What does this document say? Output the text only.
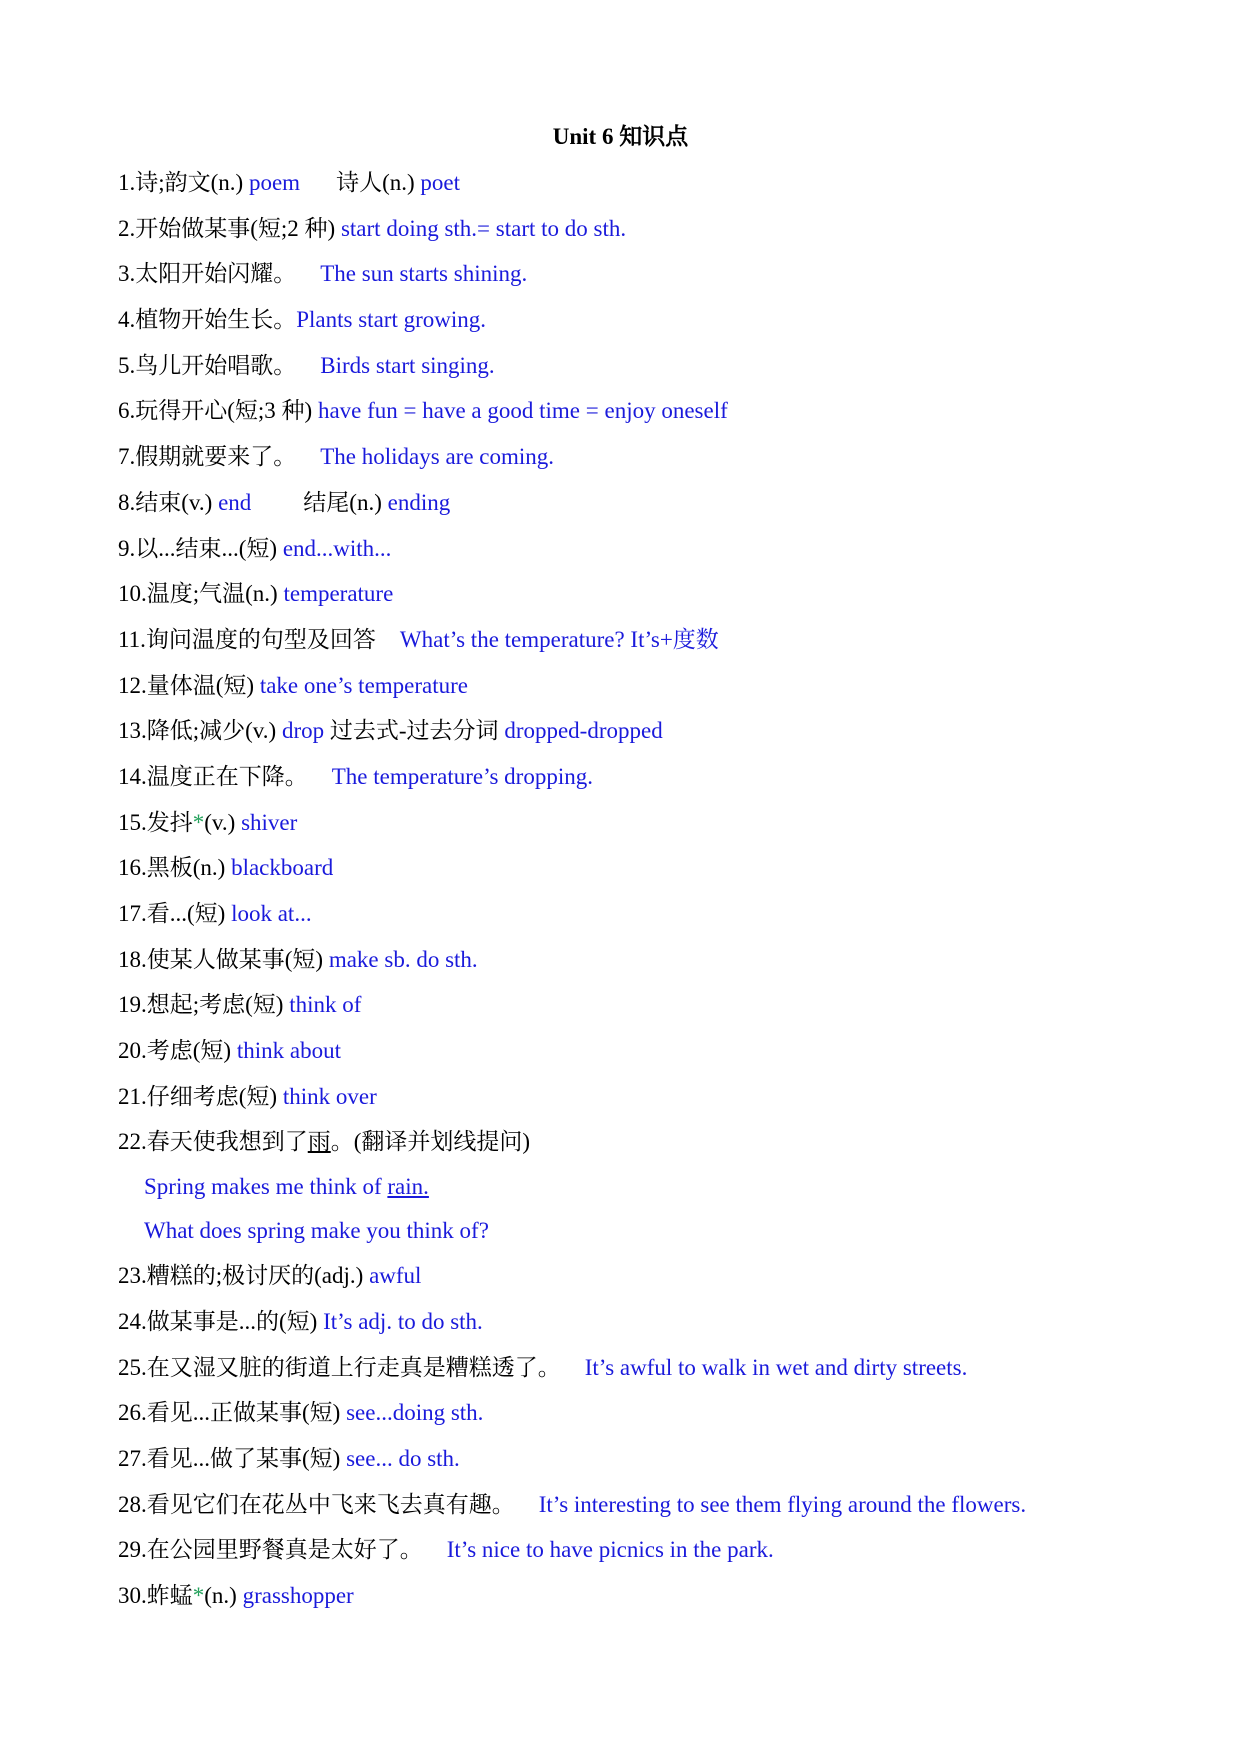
Unit 6 知识点
1.诗;韵文(n.) poem 诗人(n.) poet
2.开始做某事(短;2 种) start doing sth.= start to do sth.
3.太阳开始闪耀。 The sun starts shining.
4.植物开始生长。Plants start growing.
5.鸟儿开始唱歌。 Birds start singing.
6.玩得开心(短;3 种) have fun = have a good time = enjoy oneself
7.假期就要来了。 The holidays are coming.
8.结束(v.) end 结尾(n.) ending
9.以...结束...(短) end...with...
10.温度;气温(n.) temperature
11.询问温度的句型及回答 What’s the temperature? It’s+度数
12.量体温(短) take one’s temperature
13.降低;减少(v.) drop 过去式-过去分词 dropped-dropped
14.温度正在下降。 The temperature’s dropping.
15.发抖*(v.) shiver
16.黑板(n.) blackboard
17.看...(短) look at...
18.使某人做某事(短) make sb. do sth.
19.想起;考虑(短) think of
20.考虑(短) think about
21.仔细考虑(短) think over
22.春天使我想到了雨。(翻译并划线提问)
Spring makes me think of rain.
What does spring make you think of?
23.糟糕的;极讨厌的(adj.) awful
24.做某事是...的(短) It’s adj. to do sth.
25.在又湿又脏的街道上行走真是糟糕透了。 It’s awful to walk in wet and dirty streets.
26.看见...正做某事(短) see...doing sth.
27.看见...做了某事(短) see... do sth.
28.看见它们在花丛中飞来飞去真有趣。 It’s interesting to see them flying around the flowers.
29.在公园里野餐真是太好了。 It’s nice to have picnics in the park.
30.蚱蜢*(n.) grasshopper
